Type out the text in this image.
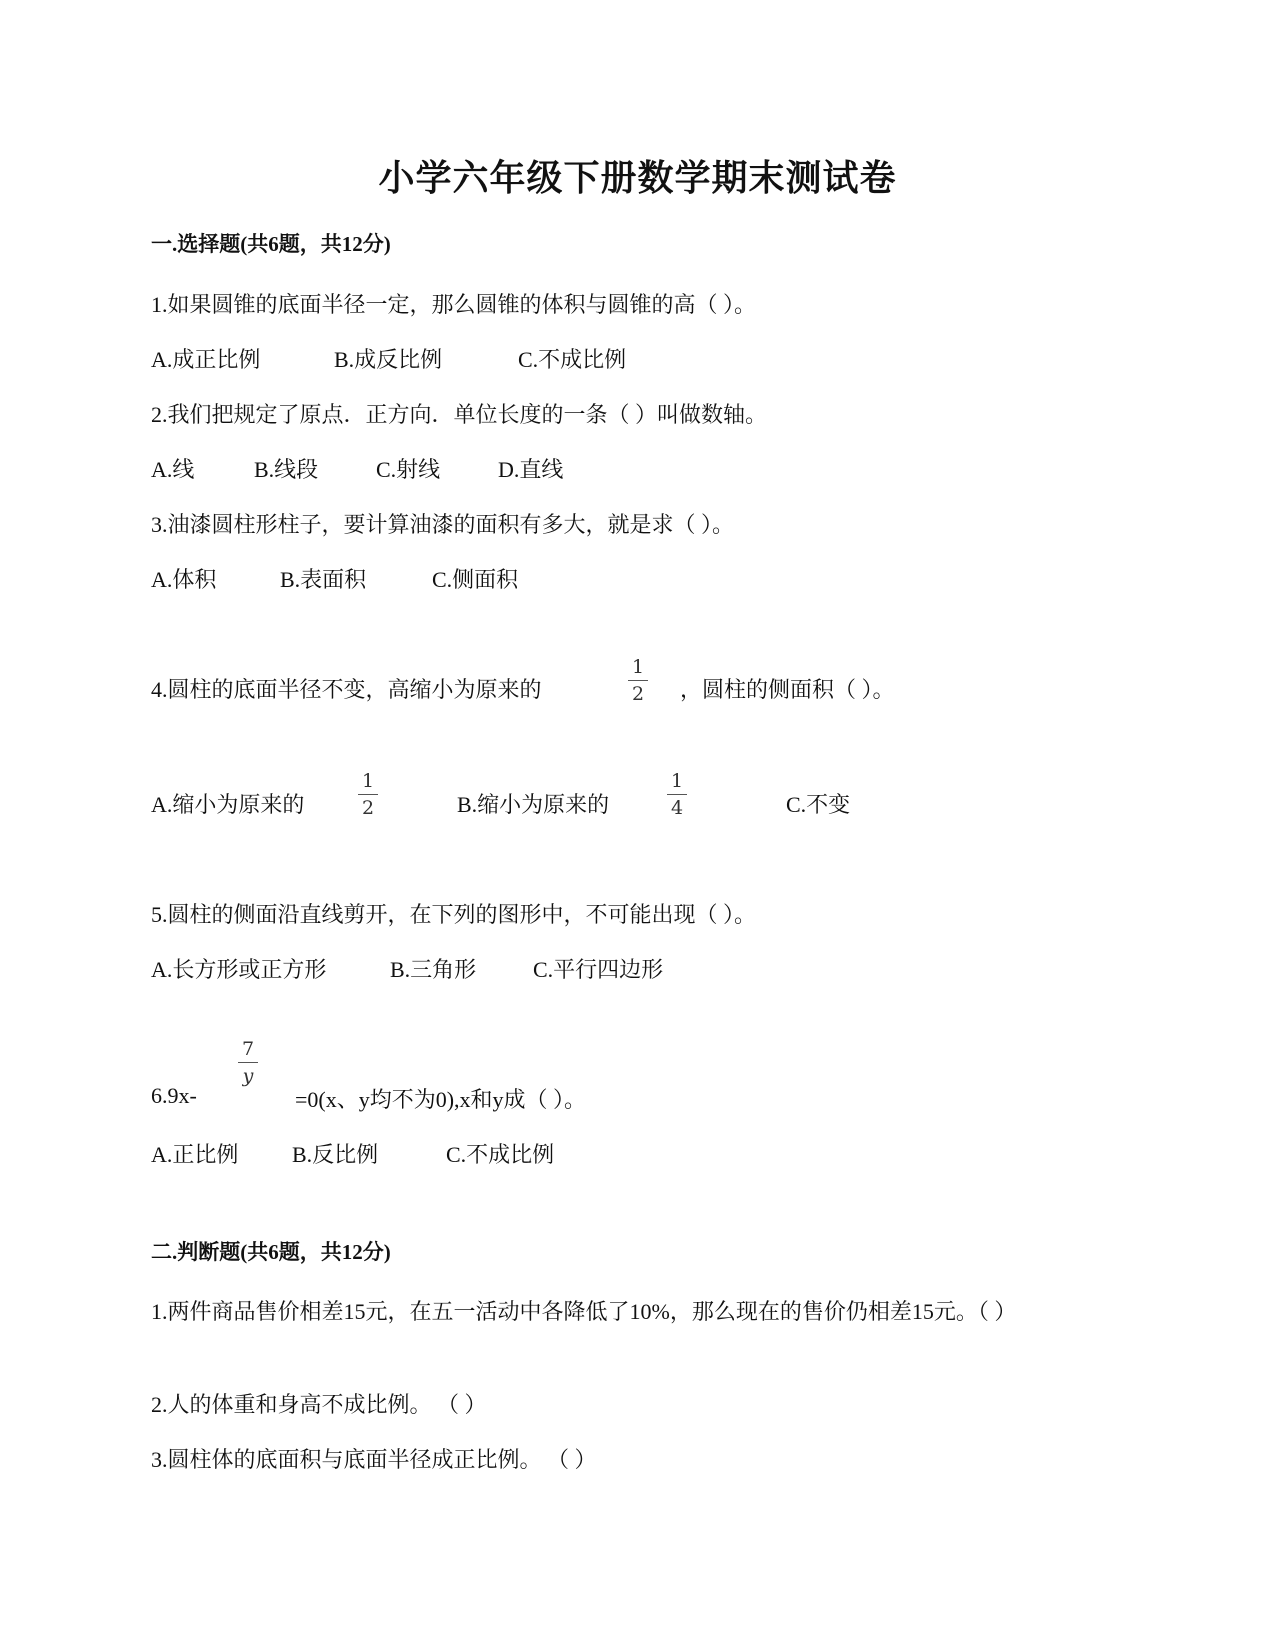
小学六年级下册数学期末测试卷
一.选择题(共6题，共12分)
1.如果圆锥的底面半径一定，那么圆锥的体积与圆锥的高（ ）。
A.成正比例	B.成反比例	C.不成比例
2.我们把规定了原点．正方向．单位长度的一条（ ）叫做数轴。
A.线	B.线段	C.射线	D.直线
3.油漆圆柱形柱子，要计算油漆的面积有多大，就是求（ ）。
A.体积	B.表面积	C.侧面积
4.圆柱的底面半径不变，高缩小为原来的
1
2 ，圆柱的侧面积（ ）。
A.缩小为原来的
1
2	B.缩小为原来的
1
4	C.不变
5.圆柱的侧面沿直线剪开，在下列的图形中，不可能出现（ ）。
A.长方形或正方形	B.三角形	C.平行四边形
6.9x-
7
y
=0(x、y均不为0),x和y成（ ）。
A.正比例 B.反比例	C.不成比例
二.判断题(共6题，共12分)
1.两件商品售价相差15元，在五一活动中各降低了10%，那么现在的售价仍相差15元。（ ）
2.人的体重和身高不成比例。 （ ）
3.圆柱体的底面积与底面半径成正比例。 （ ）
